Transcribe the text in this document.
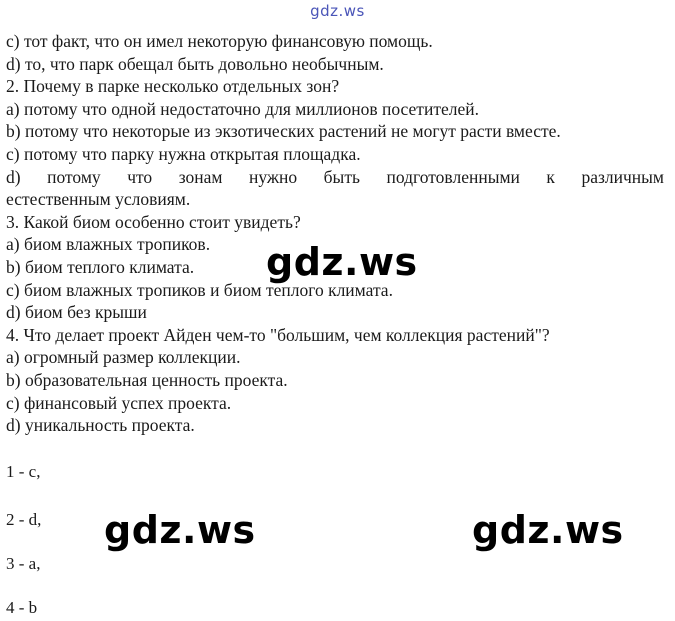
gdz.ws
с) тот факт, что он имел некоторую финансовую помощь.
d) то, что парк обещал быть довольно необычным.
2. Почему в парке несколько отдельных зон?
а) потому что одной недостаточно для миллионов посетителей.
b) потому что некоторые из экзотических растений не могут расти вместе.
с) потому что парку нужна открытая площадка.
d) потому что зонам нужно быть подготовленными к различным
естественным условиям.
3. Какой биом особенно стоит увидеть?
а) биом влажных тропиков.
b) биом теплого климата.
с) биом влажных тропиков и биом теплого климата.
d) биом без крыши
4. Что делает проект Айден чем-то "большим, чем коллекция растений"?
а) огромный размер коллекции.
b) образовательная ценность проекта.
с) финансовый успех проекта.
d) уникальность проекта.
1 - с,
2 - d,
3 - а,
4 - b
gdz.ws
gdz.ws	gdz.ws
